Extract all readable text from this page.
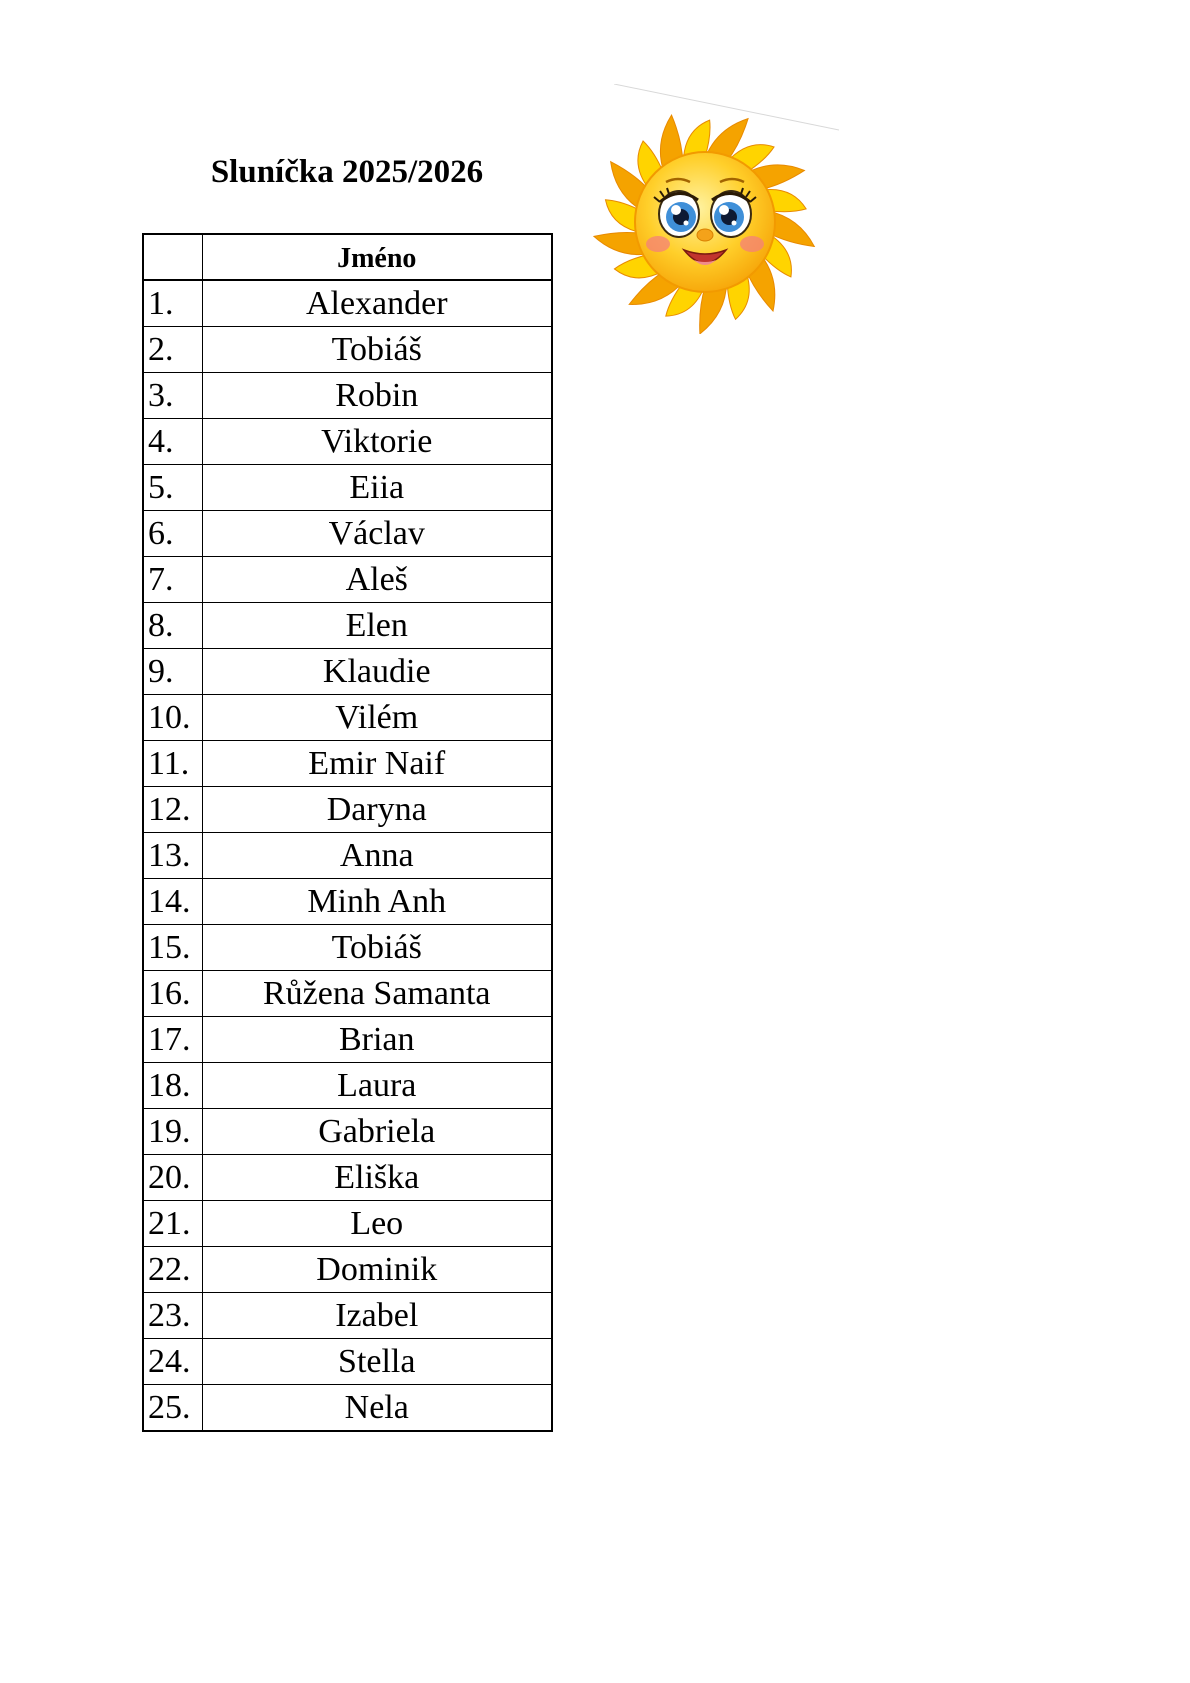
Sluníčka 2025/2026
	Jméno
1.	Alexander
2.	Tobiáš
3.	Robin
4.	Viktorie
5.	Eiia
6.	Václav
7.	Aleš
8.	Elen
9.	Klaudie
10.	Vilém
11.	Emir Naif
12.	Daryna
13.	Anna
14.	Minh Anh
15.	Tobiáš
16.	Růžena Samanta
17.	Brian
18.	Laura
19.	Gabriela
20.	Eliška
21.	Leo
22.	Dominik
23.	Izabel
24.	Stella
25.	Nela
